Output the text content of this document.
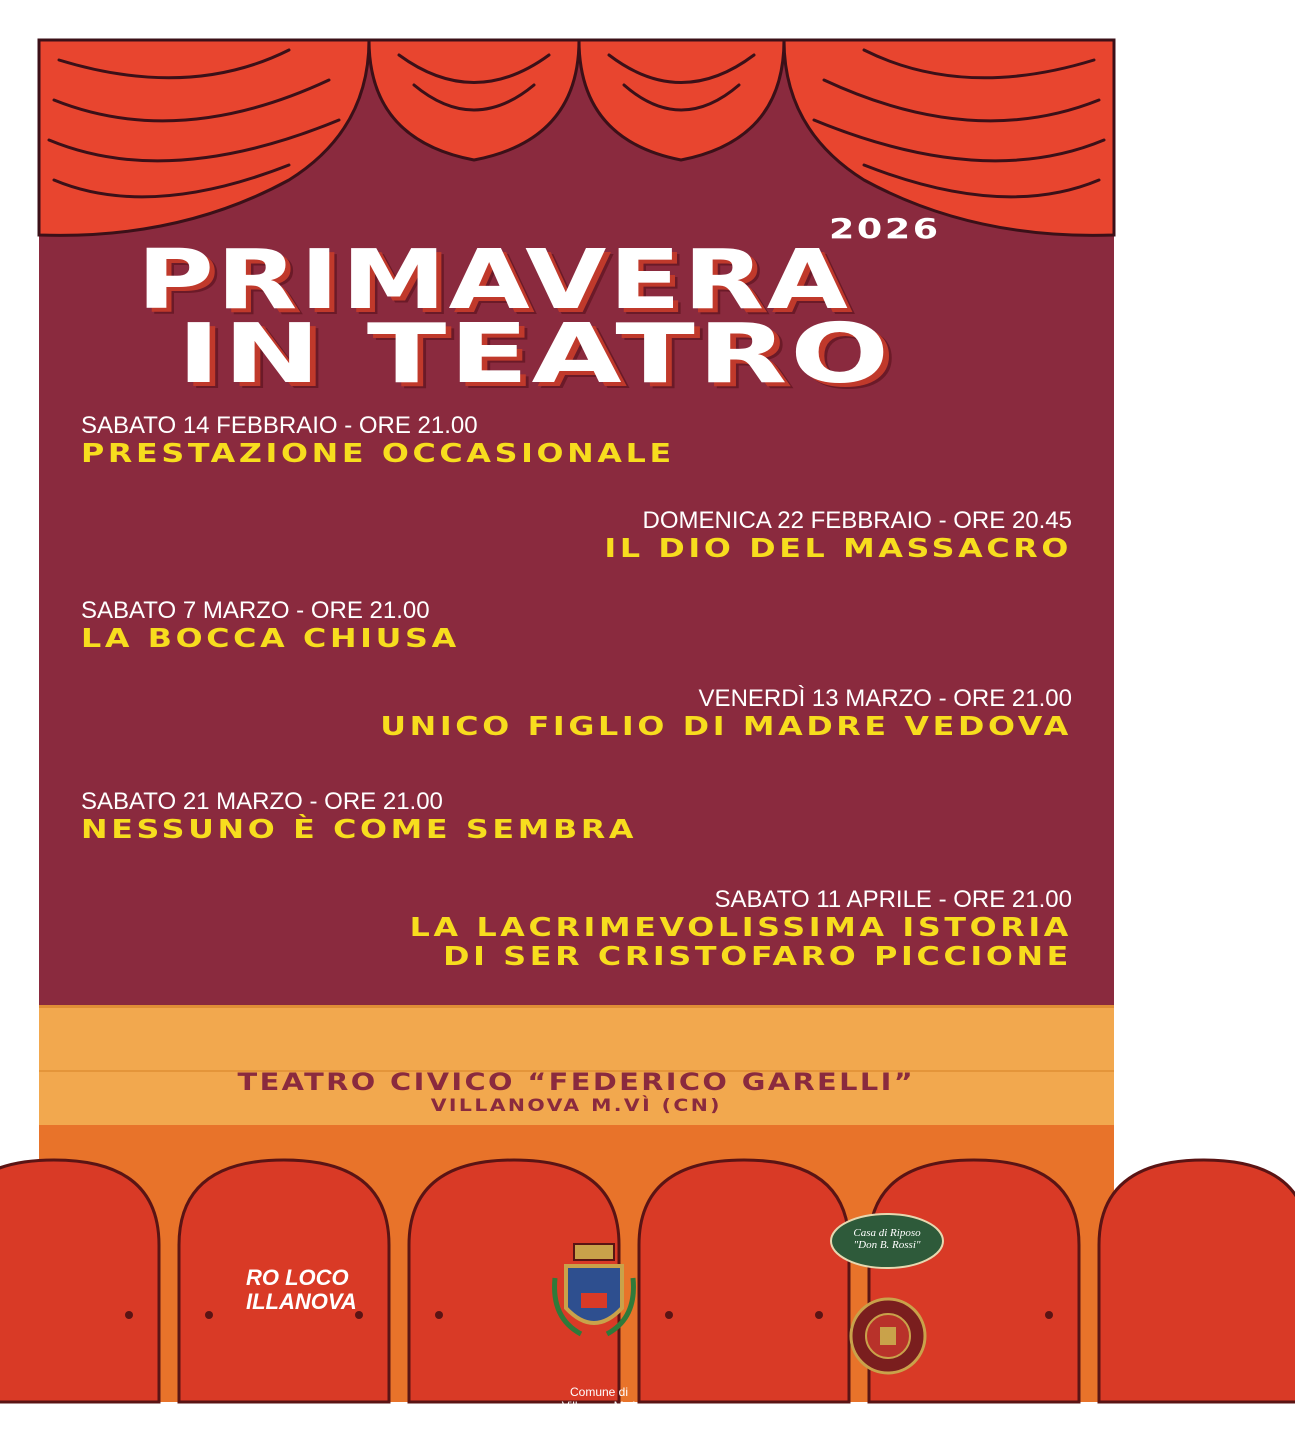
2026
PRIMAVERA
IN TEATRO
SABATO 14 FEBBRAIO - ORE 21.00
PRESTAZIONE OCCASIONALE
DOMENICA 22 FEBBRAIO - ORE 20.45
IL DIO DEL MASSACRO
SABATO 7 MARZO - ORE 21.00
LA BOCCA CHIUSA
VENERDÌ 13 MARZO - ORE 21.00
UNICO FIGLIO DI MADRE VEDOVA
SABATO 21 MARZO - ORE 21.00
NESSUNO È COME SEMBRA
SABATO 11 APRILE - ORE 21.00
LA LACRIMEVOLISSIMA ISTORIA
DI SER CRISTOFARO PICCIONE
TEATRO CIVICO “FEDERICO GARELLI”
VILLANOVA M.VÌ (CN)
RO LOCO
ILLANOVA
Comune di
Villanova M.vì
Casa di Riposo
"Don B. Rossi"
